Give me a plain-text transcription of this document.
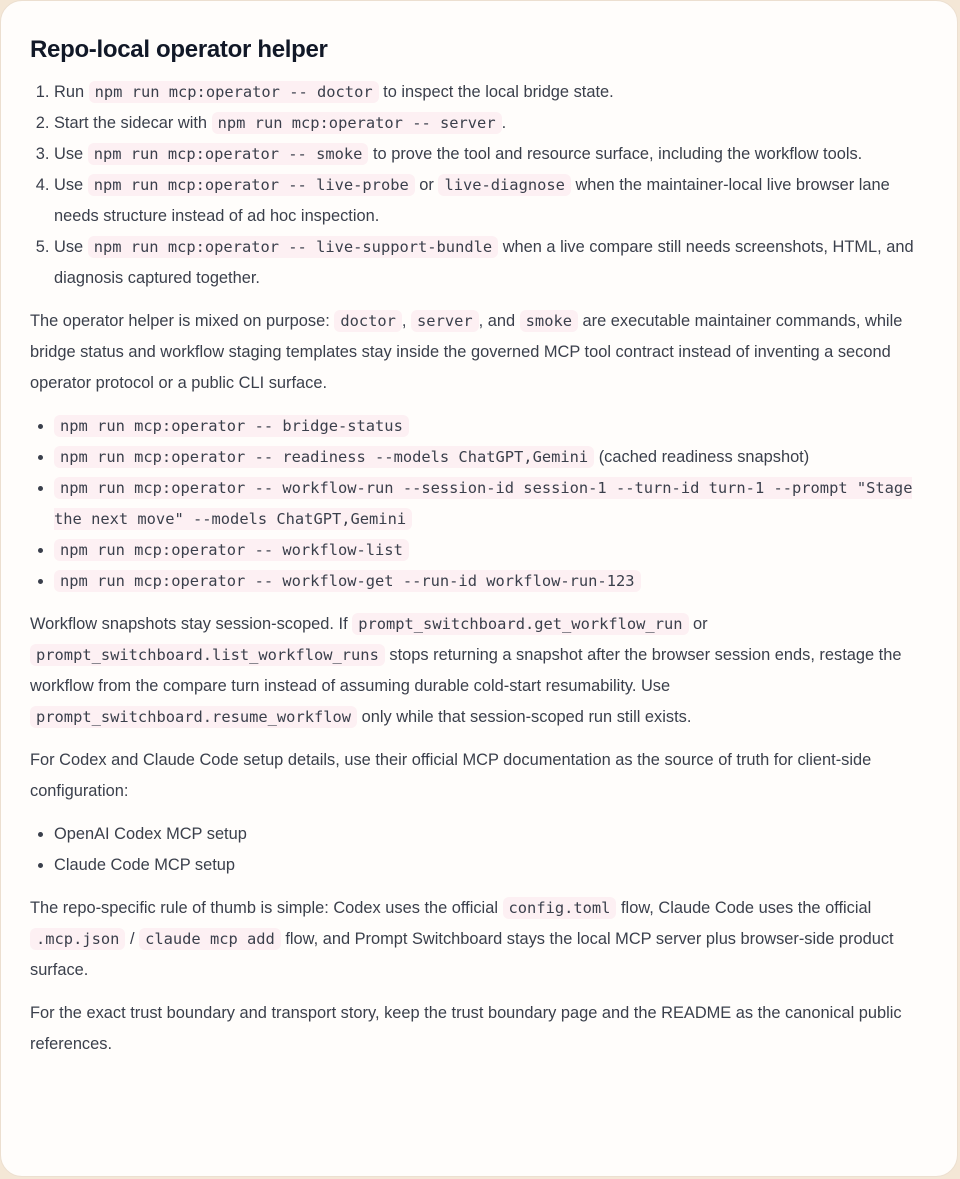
Repo-local operator helper
1. Run npm run mcp:operator -- doctor to inspect the local bridge state.
2. Start the sidecar with npm run mcp:operator -- server .
3. Use npm run mcp:operator -- smoke to prove the tool and resource surface, including the workflow tools.
4. Use npm run mcp:operator -- live-probe or live-diagnose when the maintainer-local live browser lane needs structure instead of ad hoc inspection.
5. Use npm run mcp:operator -- live-support-bundle when a live compare still needs screenshots, HTML, and diagnosis captured together.

The operator helper is mixed on purpose: doctor , server , and smoke are executable maintainer commands, while bridge status and workflow staging templates stay inside the governed MCP tool contract instead of inventing a second operator protocol or a public CLI surface.

• npm run mcp:operator -- bridge-status
• npm run mcp:operator -- readiness --models ChatGPT,Gemini (cached readiness snapshot)
• npm run mcp:operator -- workflow-run --session-id session-1 --turn-id turn-1 --prompt "Stage the next move" --models ChatGPT,Gemini
• npm run mcp:operator -- workflow-list
• npm run mcp:operator -- workflow-get --run-id workflow-run-123

Workflow snapshots stay session-scoped. If prompt_switchboard.get_workflow_run or prompt_switchboard.list_workflow_runs stops returning a snapshot after the browser session ends, restage the workflow from the compare turn instead of assuming durable cold-start resumability. Use prompt_switchboard.resume_workflow only while that session-scoped run still exists.

For Codex and Claude Code setup details, use their official MCP documentation as the source of truth for client-side configuration:

• OpenAI Codex MCP setup
• Claude Code MCP setup

The repo-specific rule of thumb is simple: Codex uses the official config.toml flow, Claude Code uses the official .mcp.json / claude mcp add flow, and Prompt Switchboard stays the local MCP server plus browser-side product surface.

For the exact trust boundary and transport story, keep the trust boundary page and the README as the canonical public references.
